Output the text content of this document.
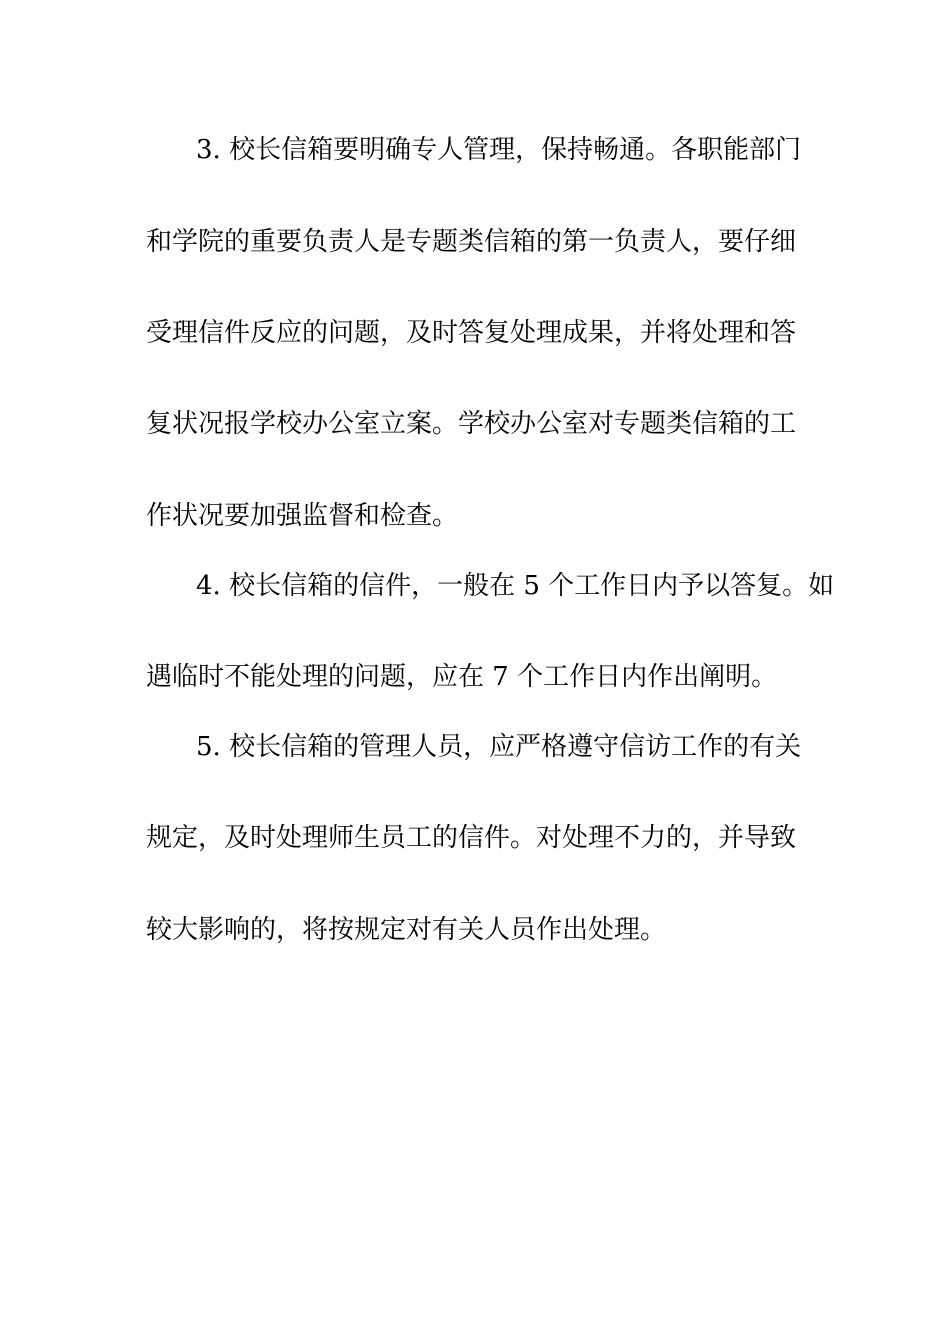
3. 校长信箱要明确专人管理，保持畅通。各职能部门
和学院的重要负责人是专题类信箱的第一负责人，要仔细
受理信件反应的问题，及时答复处理成果，并将处理和答
复状况报学校办公室立案。学校办公室对专题类信箱的工
作状况要加强监督和检查。
4. 校长信箱的信件，一般在 5 个工作日内予以答复。如
遇临时不能处理的问题，应在 7 个工作日内作出阐明。
5. 校长信箱的管理人员，应严格遵守信访工作的有关
规定，及时处理师生员工的信件。对处理不力的，并导致
较大影响的，将按规定对有关人员作出处理。
